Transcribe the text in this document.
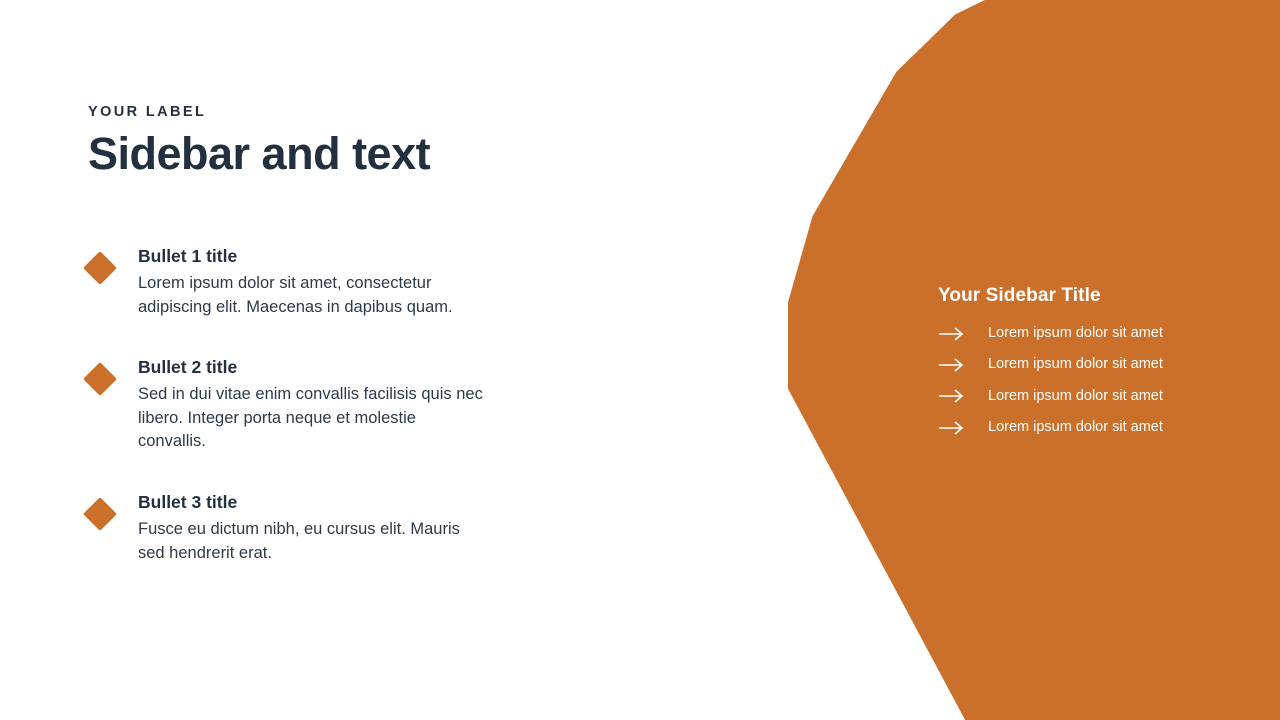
YOUR LABEL

Sidebar and text

Bullet 1 title

Lorem ipsum dolor sit amet, consectetur adipiscing elit. Maecenas in dapibus quam.

Bullet 2 title

Sed in dui vitae enim convallis facilisis quis nec libero. Integer porta neque et molestie convallis.

Bullet 3 title

Fusce eu dictum nibh, eu cursus elit. Mauris sed hendrerit erat.

Your Sidebar Title
Lorem ipsum dolor sit amet
Lorem ipsum dolor sit amet
Lorem ipsum dolor sit amet
Lorem ipsum dolor sit amet
